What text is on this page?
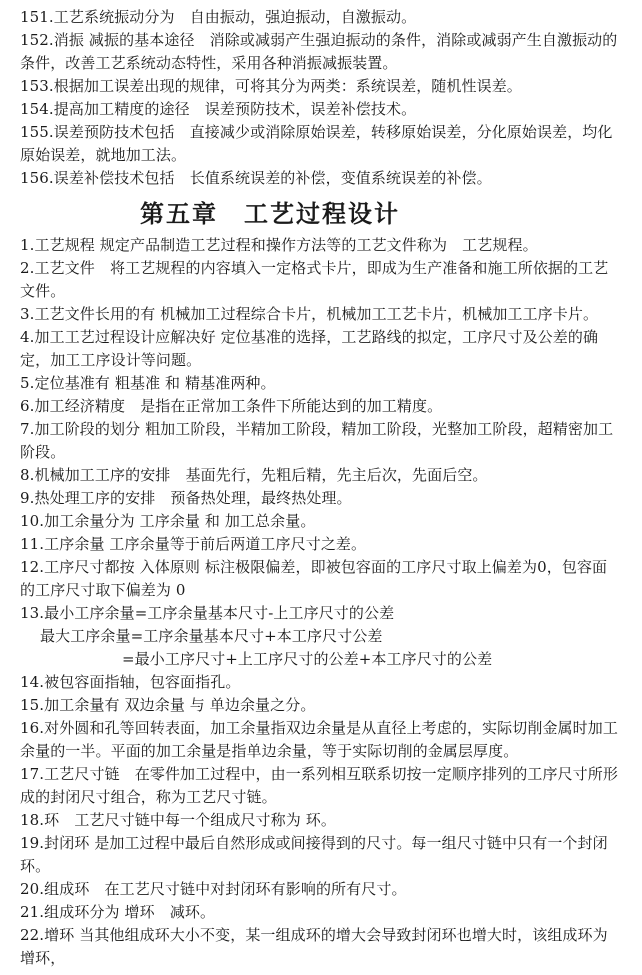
151.工艺系统振动分为　自由振动，强迫振动，自激振动。

152.消振 减振的基本途径　消除或减弱产生强迫振动的条件，消除或减弱产生自激振动的条件，改善工艺系统动态特性，采用各种消振减振装置。

153.根据加工误差出现的规律，可将其分为两类：系统误差，随机性误差。

154.提高加工精度的途径　误差预防技术，误差补偿技术。

155.误差预防技术包括　直接减少或消除原始误差，转移原始误差，分化原始误差，均化原始误差，就地加工法。

156.误差补偿技术包括　长值系统误差的补偿，变值系统误差的补偿。

第五章　工艺过程设计

1.工艺规程 规定产品制造工艺过程和操作方法等的工艺文件称为　工艺规程。

2.工艺文件　将工艺规程的内容填入一定格式卡片，即成为生产准备和施工所依据的工艺文件。

3.工艺文件长用的有 机械加工过程综合卡片，机械加工工艺卡片，机械加工工序卡片。

4.加工工艺过程设计应解决好 定位基准的选择，工艺路线的拟定，工序尺寸及公差的确定，加工工序设计等问题。

5.定位基准有 粗基准 和 精基准两种。

6.加工经济精度　是指在正常加工条件下所能达到的加工精度。

7.加工阶段的划分 粗加工阶段，半精加工阶段，精加工阶段，光整加工阶段，超精密加工阶段。

8.机械加工工序的安排　基面先行，先粗后精，先主后次，先面后空。

9.热处理工序的安排　预备热处理，最终热处理。

10.加工余量分为 工序余量 和 加工总余量。

11.工序余量 工序余量等于前后两道工序尺寸之差。

12.工序尺寸都按 入体原则 标注极限偏差，即被包容面的工序尺寸取上偏差为0，包容面的工序尺寸取下偏差为 0

13.最小工序余量=工序余量基本尺寸-上工序尺寸的公差

最大工序余量=工序余量基本尺寸+本工序尺寸公差

=最小工序尺寸+上工序尺寸的公差+本工序尺寸的公差

14.被包容面指轴，包容面指孔。

15.加工余量有 双边余量 与 单边余量之分。

16.对外圆和孔等回转表面，加工余量指双边余量是从直径上考虑的，实际切削金属时加工余量的一半。平面的加工余量是指单边余量，等于实际切削的金属层厚度。

17.工艺尺寸链　在零件加工过程中，由一系列相互联系切按一定顺序排列的工序尺寸所形成的封闭尺寸组合，称为工艺尺寸链。

18.环　工艺尺寸链中每一个组成尺寸称为 环。

19.封闭环 是加工过程中最后自然形成或间接得到的尺寸。每一组尺寸链中只有一个封闭环。

20.组成环　在工艺尺寸链中对封闭环有影响的所有尺寸。

21.组成环分为 增环　减环。

22.增环 当其他组成环大小不变，某一组成环的增大会导致封闭环也增大时，该组成环为增环，
